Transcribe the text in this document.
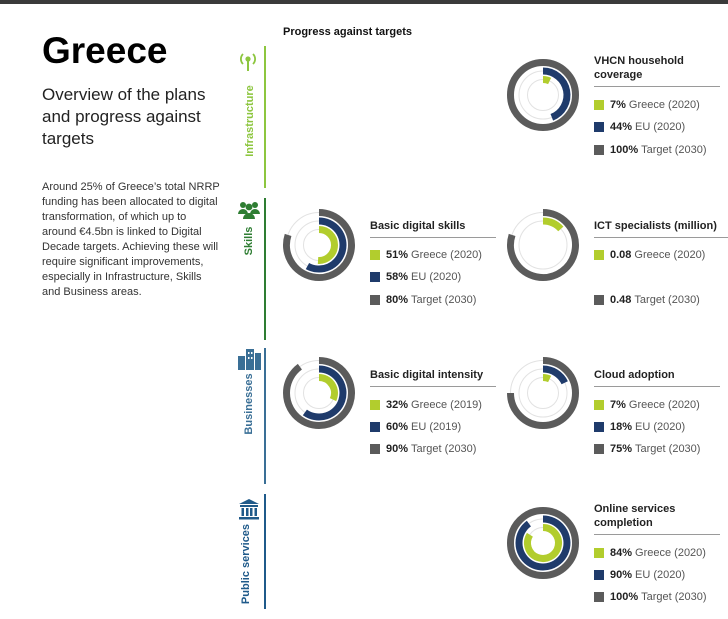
Greece
Overview of the plans and progress against targets

Around 25% of Greece’s total NRRP funding has been allocated to digital transformation, of which up to around €4.5bn is linked to Digital Decade targets. Achieving these will require significant improvements, especially in Infrastructure, Skills and Business areas.

Progress against targets
Infrastructure
Skills
Businesses
Public services
VHCN household coverage
7% Greece (2020)
44% EU (2020)
100% Target (2030)
Basic digital skills
51% Greece (2020)
58% EU (2020)
80% Target (2030)
ICT specialists (million)
0.08 Greece (2020)
0.48 Target (2030)
Basic digital intensity
32% Greece (2019)
60% EU (2019)
90% Target (2030)
Cloud adoption
7% Greece (2020)
18% EU (2020)
75% Target (2030)
Online services completion
84% Greece (2020)
90% EU (2020)
100% Target (2030)
